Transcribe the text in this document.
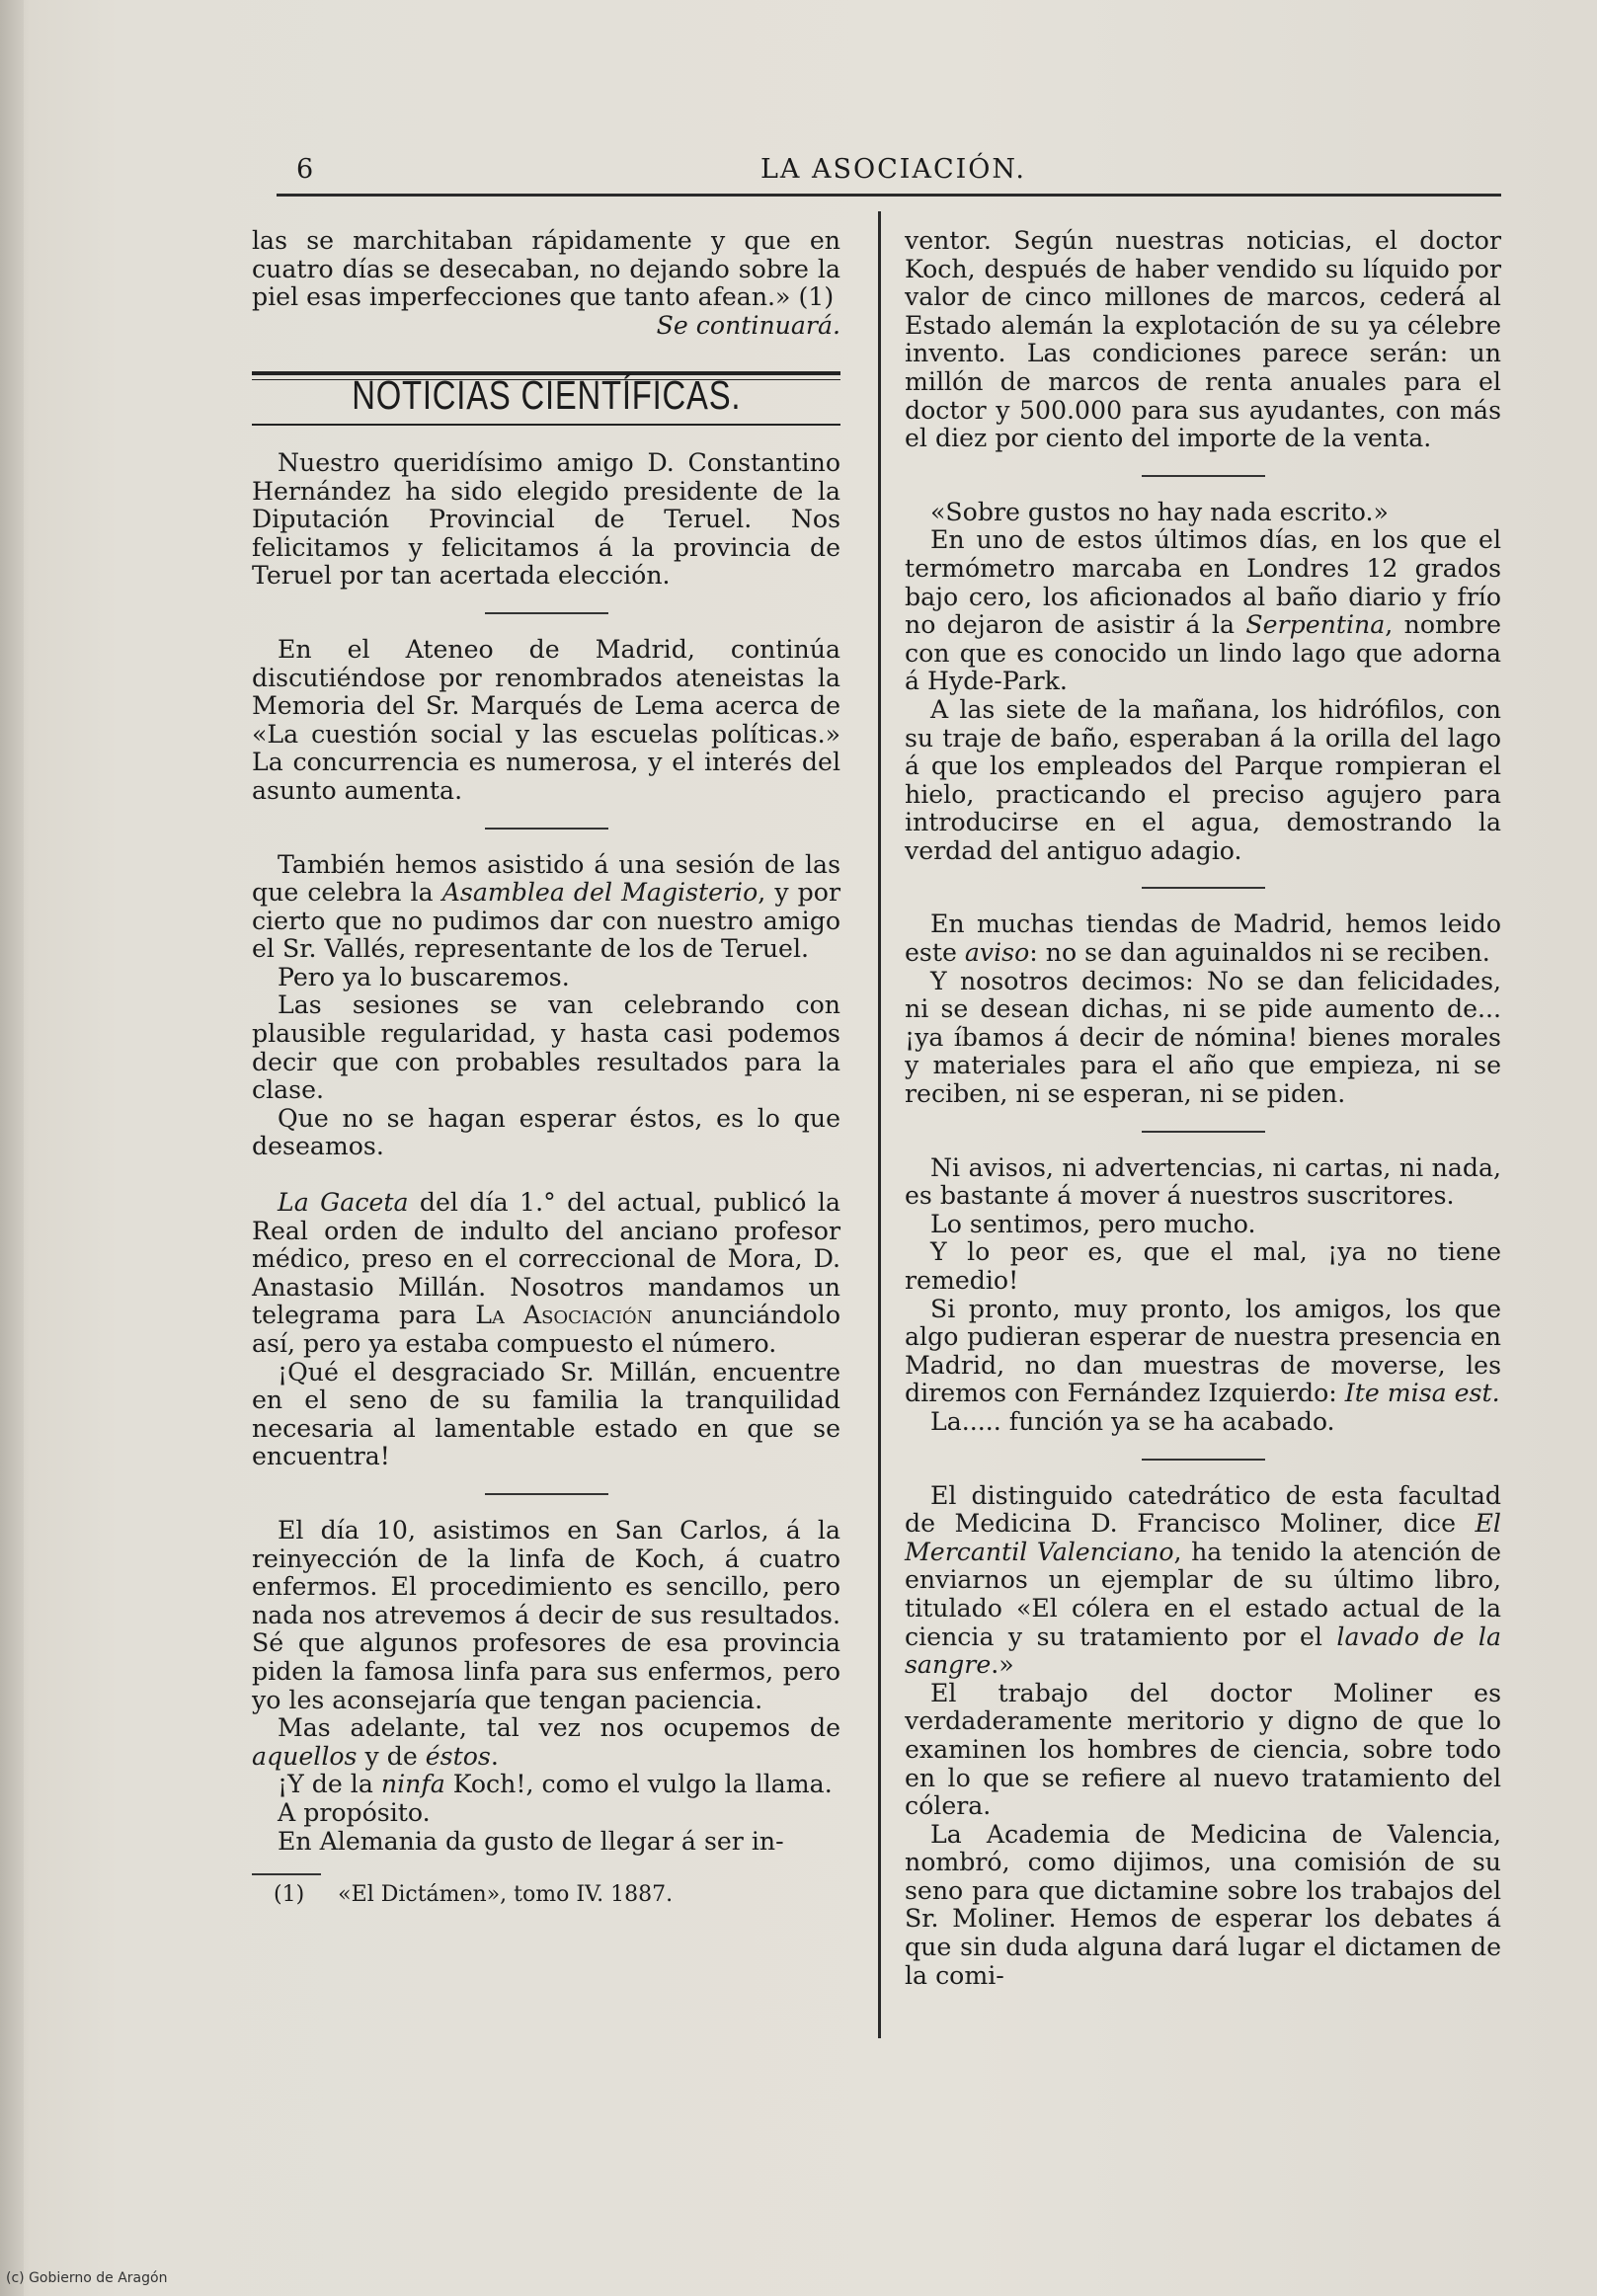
6	LA ASOCIACIÓN.

las se marchitaban rápidamente y que en cuatro días se desecaban, no dejando sobre la piel esas imperfecciones que tanto afean.» (1)

Se continuará.

NOTICIAS CIENTÍFICAS.

Nuestro queridísimo amigo D. Constantino Hernández ha sido elegido presidente de la Diputación Provincial de Teruel. Nos felicitamos y felicitamos á la provincia de Teruel por tan acertada elección.

En el Ateneo de Madrid, continúa discutiéndose por renombrados ateneistas la Memoria del Sr. Marqués de Lema acerca de «La cuestión social y las escuelas políticas.» La concurrencia es numerosa, y el interés del asunto aumenta.

También hemos asistido á una sesión de las que celebra la Asamblea del Magisterio, y por cierto que no pudimos dar con nuestro amigo el Sr. Vallés, representante de los de Teruel.

Pero ya lo buscaremos.

Las sesiones se van celebrando con plausible regularidad, y hasta casi podemos decir que con probables resultados para la clase.

Que no se hagan esperar éstos, es lo que deseamos.

La Gaceta del día 1.° del actual, publicó la Real orden de indulto del anciano profesor médico, preso en el correccional de Mora, D. Anastasio Millán. Nosotros mandamos un telegrama para La Asociación anunciándolo así, pero ya estaba compuesto el número.

¡Qué el desgraciado Sr. Millán, encuentre en el seno de su familia la tranquilidad necesaria al lamentable estado en que se encuentra!

El día 10, asistimos en San Carlos, á la reinyección de la linfa de Koch, á cuatro enfermos. El procedimiento es sencillo, pero nada nos atrevemos á decir de sus resultados. Sé que algunos profesores de esa provincia piden la famosa linfa para sus enfermos, pero yo les aconsejaría que tengan paciencia.

Mas adelante, tal vez nos ocupemos de aquellos y de éstos.

¡Y de la ninfa Koch!, como el vulgo la llama.

A propósito.

En Alemania da gusto de llegar á ser in-

(1) «El Dictámen», tomo IV. 1887.

ventor. Según nuestras noticias, el doctor Koch, después de haber vendido su líquido por valor de cinco millones de marcos, cederá al Estado alemán la explotación de su ya célebre invento. Las condiciones parece serán: un millón de marcos de renta anuales para el doctor y 500.000 para sus ayudantes, con más el diez por ciento del importe de la venta.

«Sobre gustos no hay nada escrito.»

En uno de estos últimos días, en los que el termómetro marcaba en Londres 12 grados bajo cero, los aficionados al baño diario y frío no dejaron de asistir á la Serpentina, nombre con que es conocido un lindo lago que adorna á Hyde-Park.

A las siete de la mañana, los hidrófilos, con su traje de baño, esperaban á la orilla del lago á que los empleados del Parque rompieran el hielo, practicando el preciso agujero para introducirse en el agua, demostrando la verdad del antiguo adagio.

En muchas tiendas de Madrid, hemos leido este aviso: no se dan aguinaldos ni se reciben.

Y nosotros decimos: No se dan felicidades, ni se desean dichas, ni se pide aumento de... ¡ya íbamos á decir de nómina! bienes morales y materiales para el año que empieza, ni se reciben, ni se esperan, ni se piden.

Ni avisos, ni advertencias, ni cartas, ni nada, es bastante á mover á nuestros suscritores.

Lo sentimos, pero mucho.

Y lo peor es, que el mal, ¡ya no tiene remedio!

Si pronto, muy pronto, los amigos, los que algo pudieran esperar de nuestra presencia en Madrid, no dan muestras de moverse, les diremos con Fernández Izquierdo: Ite misa est.

La..... función ya se ha acabado.

El distinguido catedrático de esta facultad de Medicina D. Francisco Moliner, dice El Mercantil Valenciano, ha tenido la atención de enviarnos un ejemplar de su último libro, titulado «El cólera en el estado actual de la ciencia y su tratamiento por el lavado de la sangre.»

El trabajo del doctor Moliner es verdaderamente meritorio y digno de que lo examinen los hombres de ciencia, sobre todo en lo que se refiere al nuevo tratamiento del cólera.

La Academia de Medicina de Valencia, nombró, como dijimos, una comisión de su seno para que dictamine sobre los trabajos del Sr. Moliner. Hemos de esperar los debates á que sin duda alguna dará lugar el dictamen de la comi-

(c) Gobierno de Aragón
